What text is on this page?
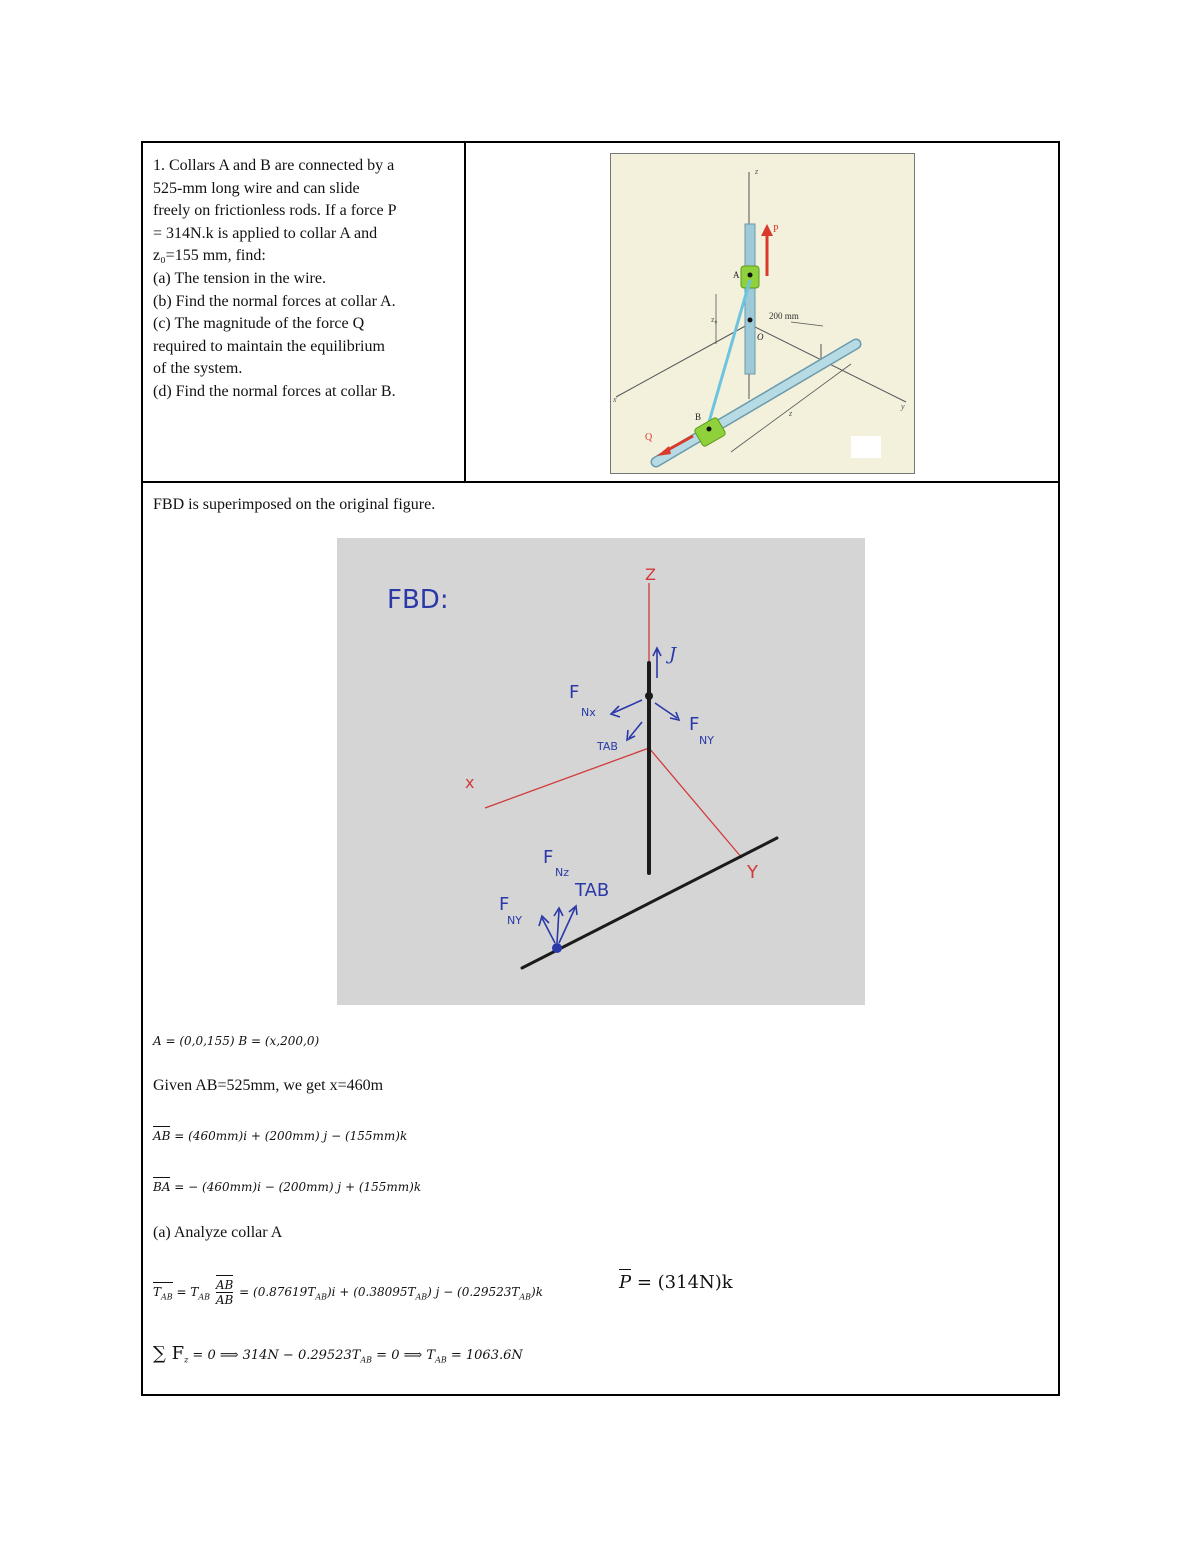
1. Collars A and B are connected by a
525-mm long wire and can slide
freely on frictionless rods. If a force P
= 314N.k is applied to collar A and
z₀=155 mm, find:
(a) The tension in the wire.
(b) Find the normal forces at collar A.
(c) The magnitude of the force Q
required to maintain the equilibrium
of the system.
(d) Find the normal forces at collar B.
z
P
A
z₀	200 mm
O
x
y
B
Q
z
FBD is superimposed on the original figure.
FBD:
Z
J
F
Nx
F
NY
TAB
x
Y
F
Nz
TAB
F
NY
A = (0,0,155) B = (x,200,0)
Given AB=525mm, we get x=460m
AB = (460mm)i + (200mm) j − (155mm)k
BA = − (460mm)i − (200mm) j + (155mm)k
(a) Analyze collar A
$T_{AB} = T_{AB} \frac{AB}{AB} = (0.87619T_{AB})i + (0.38095T_{AB}) j - (0.29523T_{AB})k$	P = (314N)k
∑ $F_z = 0$ ⟹ $314N - 0.29523T_{AB} = 0$ ⟹ $T_{AB} = 1063.6N$
